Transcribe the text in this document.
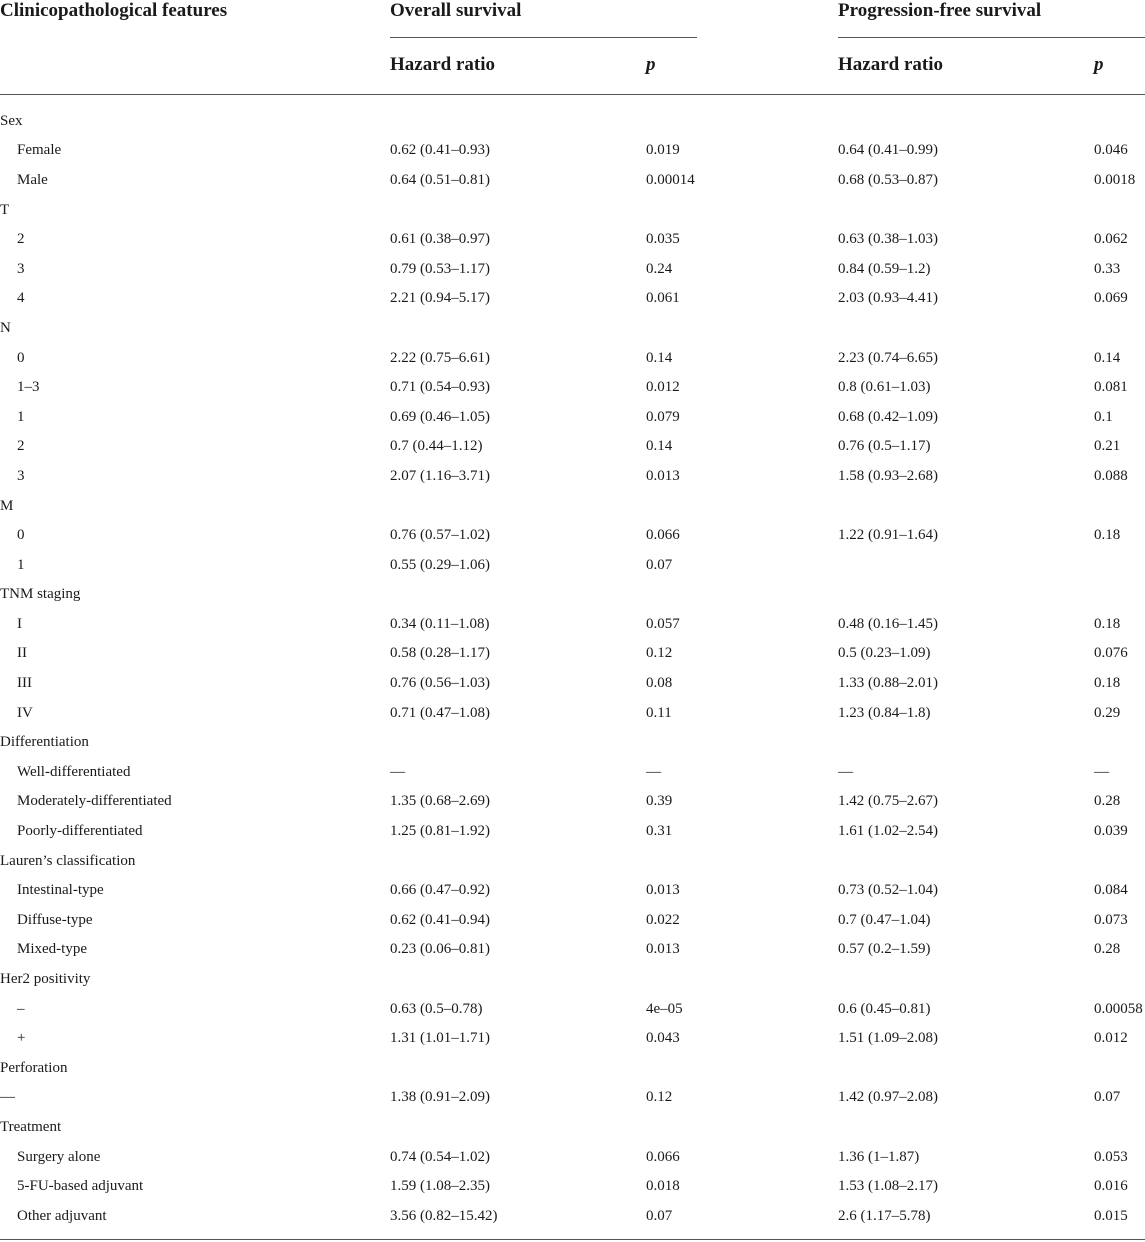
Clinicopathological features	Overall survival		Progression-free survival	

	Hazard ratio	p	Hazard ratio	p
Sex				
Female	0.62 (0.41–0.93)	0.019	0.64 (0.41–0.99)	0.046
Male	0.64 (0.51–0.81)	0.00014	0.68 (0.53–0.87)	0.0018
T				
2	0.61 (0.38–0.97)	0.035	0.63 (0.38–1.03)	0.062
3	0.79 (0.53–1.17)	0.24	0.84 (0.59–1.2)	0.33
4	2.21 (0.94–5.17)	0.061	2.03 (0.93–4.41)	0.069
N				
0	2.22 (0.75–6.61)	0.14	2.23 (0.74–6.65)	0.14
1–3	0.71 (0.54–0.93)	0.012	0.8 (0.61–1.03)	0.081
1	0.69 (0.46–1.05)	0.079	0.68 (0.42–1.09)	0.1
2	0.7 (0.44–1.12)	0.14	0.76 (0.5–1.17)	0.21
3	2.07 (1.16–3.71)	0.013	1.58 (0.93–2.68)	0.088
M				
0	0.76 (0.57–1.02)	0.066	1.22 (0.91–1.64)	0.18
1	0.55 (0.29–1.06)	0.07		
TNM staging				
I	0.34 (0.11–1.08)	0.057	0.48 (0.16–1.45)	0.18
II	0.58 (0.28–1.17)	0.12	0.5 (0.23–1.09)	0.076
III	0.76 (0.56–1.03)	0.08	1.33 (0.88–2.01)	0.18
IV	0.71 (0.47–1.08)	0.11	1.23 (0.84–1.8)	0.29
Differentiation				
Well-differentiated	—	—	—	—
Moderately-differentiated	1.35 (0.68–2.69)	0.39	1.42 (0.75–2.67)	0.28
Poorly-differentiated	1.25 (0.81–1.92)	0.31	1.61 (1.02–2.54)	0.039
Lauren’s classification				
Intestinal-type	0.66 (0.47–0.92)	0.013	0.73 (0.52–1.04)	0.084
Diffuse-type	0.62 (0.41–0.94)	0.022	0.7 (0.47–1.04)	0.073
Mixed-type	0.23 (0.06–0.81)	0.013	0.57 (0.2–1.59)	0.28
Her2 positivity				
–	0.63 (0.5–0.78)	4e–05	0.6 (0.45–0.81)	0.00058
+	1.31 (1.01–1.71)	0.043	1.51 (1.09–2.08)	0.012
Perforation				
—	1.38 (0.91–2.09)	0.12	1.42 (0.97–2.08)	0.07
Treatment				
Surgery alone	0.74 (0.54–1.02)	0.066	1.36 (1–1.87)	0.053
5-FU-based adjuvant	1.59 (1.08–2.35)	0.018	1.53 (1.08–2.17)	0.016
Other adjuvant	3.56 (0.82–15.42)	0.07	2.6 (1.17–5.78)	0.015
